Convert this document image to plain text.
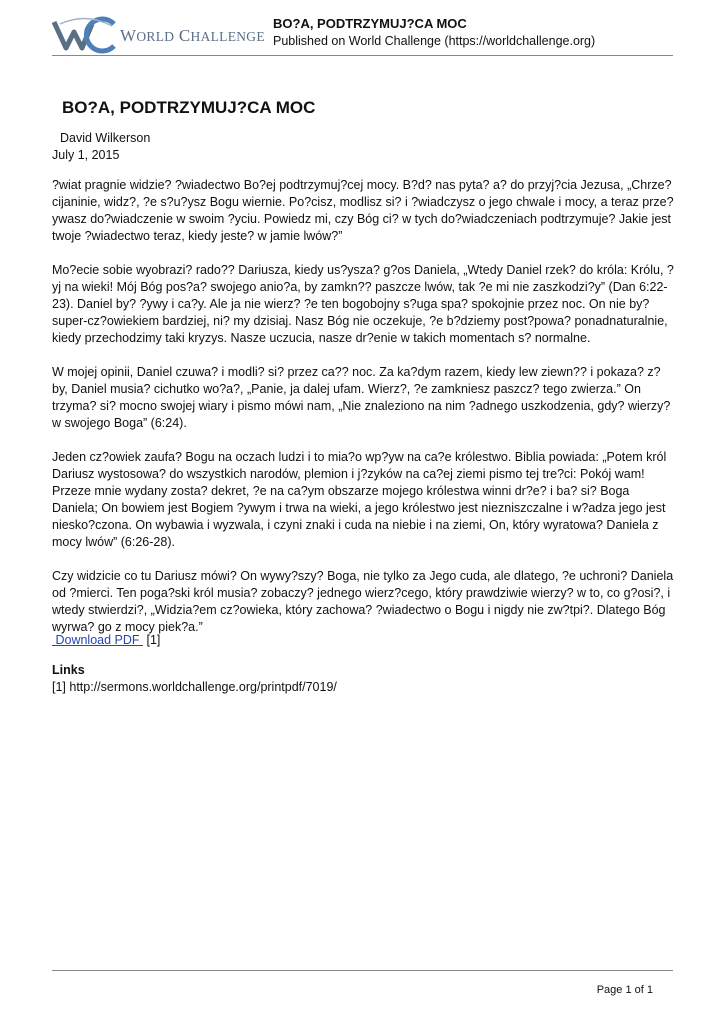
WORLD CHALLENGE
BO?A, PODTRZYMUJ?CA MOC
Published on World Challenge (https://worldchallenge.org)
BO?A, PODTRZYMUJ?CA MOC
David Wilkerson
July 1, 2015

?wiat pragnie widzie? ?wiadectwo Bo?ej podtrzymuj?cej mocy. B?d? nas pyta? a? do przyj?cia Jezusa, „Chrze?cijaninie, widz?, ?e s?u?ysz Bogu wiernie. Po?cisz, modlisz si? i ?wiadczysz o jego chwale i mocy, a teraz prze?ywasz do?wiadczenie w swoim ?yciu. Powiedz mi, czy Bóg ci? w tych do?wiadczeniach podtrzymuje? Jakie jest twoje ?wiadectwo teraz, kiedy jeste? w jamie lwów?”

Mo?ecie sobie wyobrazi? rado?? Dariusza, kiedy us?ysza? g?os Daniela, „Wtedy Daniel rzek? do króla: Królu, ?yj na wieki! Mój Bóg pos?a? swojego anio?a, by zamkn?? paszcze lwów, tak ?e mi nie zaszkodzi?y” (Dan 6:22-23). Daniel by? ?ywy i ca?y. Ale ja nie wierz? ?e ten bogobojny s?uga spa? spokojnie przez noc. On nie by? super-cz?owiekiem bardziej, ni? my dzisiaj. Nasz Bóg nie oczekuje, ?e b?dziemy post?powa? ponadnaturalnie, kiedy przechodzimy taki kryzys. Nasze uczucia, nasze dr?enie w takich momentach s? normalne.

W mojej opinii, Daniel czuwa? i modli? si? przez ca?? noc. Za ka?dym razem, kiedy lew ziewn?? i pokaza? z?by, Daniel musia? cichutko wo?a?, „Panie, ja dalej ufam. Wierz?, ?e zamkniesz paszcz? tego zwierza.” On trzyma? si? mocno swojej wiary i pismo mówi nam, „Nie znaleziono na nim ?adnego uszkodzenia, gdy? wierzy? w swojego Boga” (6:24).

Jeden cz?owiek zaufa? Bogu na oczach ludzi i to mia?o wp?yw na ca?e królestwo. Biblia powiada: „Potem król Dariusz wystosowa? do wszystkich narodów, plemion i j?zyków na ca?ej ziemi pismo tej tre?ci: Pokój wam! Przeze mnie wydany zosta? dekret, ?e na ca?ym obszarze mojego królestwa winni dr?e? i ba? si? Boga Daniela; On bowiem jest Bogiem ?ywym i trwa na wieki, a jego królestwo jest niezniszczalne i w?adza jego jest niesko?czona. On wybawia i wyzwala, i czyni znaki i cuda na niebie i na ziemi, On, który wyratowa? Daniela z mocy lwów” (6:26-28).

Czy widzicie co tu Dariusz mówi? On wywy?szy? Boga, nie tylko za Jego cuda, ale dlatego, ?e uchroni? Daniela od ?mierci. Ten poga?ski król musia? zobaczy? jednego wierz?cego, który prawdziwie wierzy? w to, co g?osi?, i wtedy stwierdzi?, „Widzia?em cz?owieka, który zachowa? ?wiadectwo o Bogu i nigdy nie zw?tpi?. Dlatego Bóg wyrwa? go z mocy piek?a.”

Download PDF  [1]
Links
[1] http://sermons.worldchallenge.org/printpdf/7019/
Page 1 of 1
